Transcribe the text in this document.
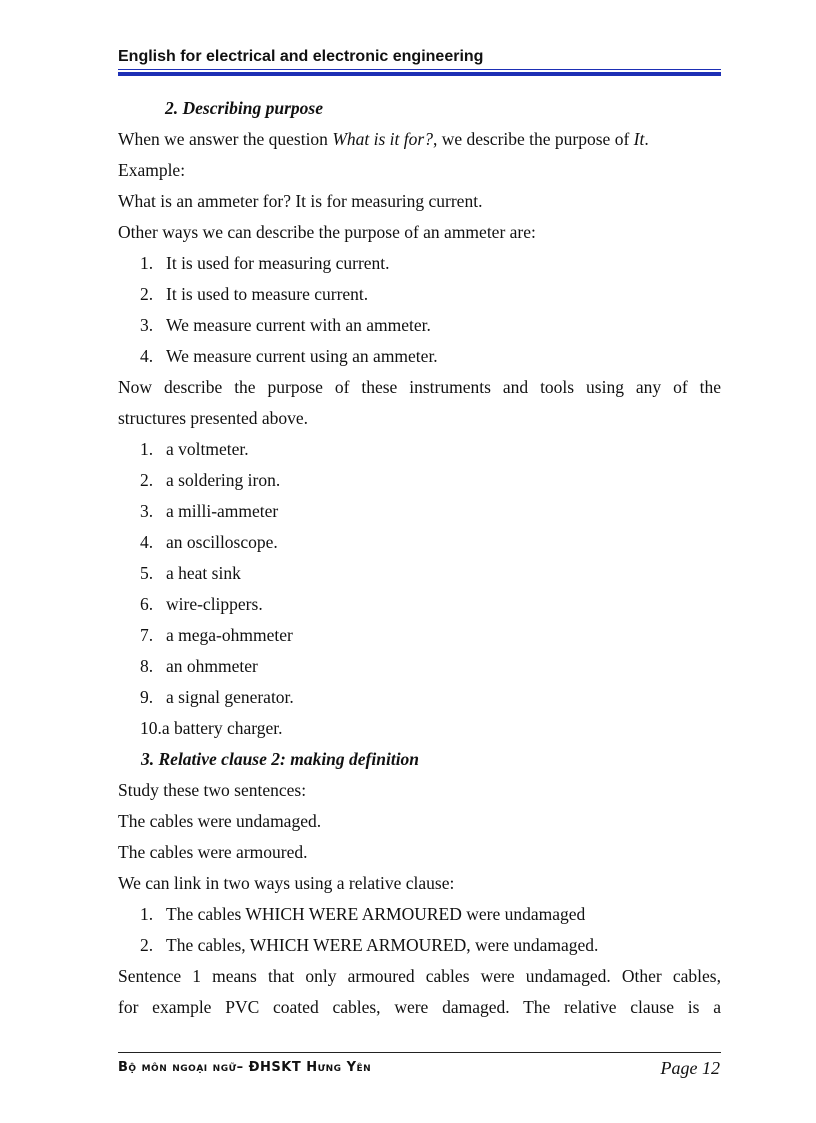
English for electrical and electronic engineering
2. Describing purpose
When we answer the question What is it for?, we describe the purpose of It.
Example:
What is an ammeter for? It is for measuring current.
Other ways we can describe the purpose of an ammeter are:
1. It is used for measuring current.
2. It is used to measure current.
3. We measure current with an ammeter.
4. We measure current using an ammeter.
Now describe the purpose of these instruments and tools using any of the
structures presented above.
1. a voltmeter.
2. a soldering iron.
3. a milli-ammeter
4. an oscilloscope.
5. a heat sink
6. wire-clippers.
7. a mega-ohmmeter
8. an ohmmeter
9. a signal generator.
10. a battery charger.
3. Relative clause 2: making definition
Study these two sentences:
The cables were undamaged.
The cables were armoured.
We can link in two ways using a relative clause:
1. The cables WHICH WERE ARMOURED were undamaged
2. The cables, WHICH WERE ARMOURED, were undamaged.
Sentence 1 means that only armoured cables were undamaged. Other cables,
for example PVC coated cables, were damaged. The relative clause is a
Bộ môn ngoại ngữ– ĐHSKT Hưng Yên	Page 12
